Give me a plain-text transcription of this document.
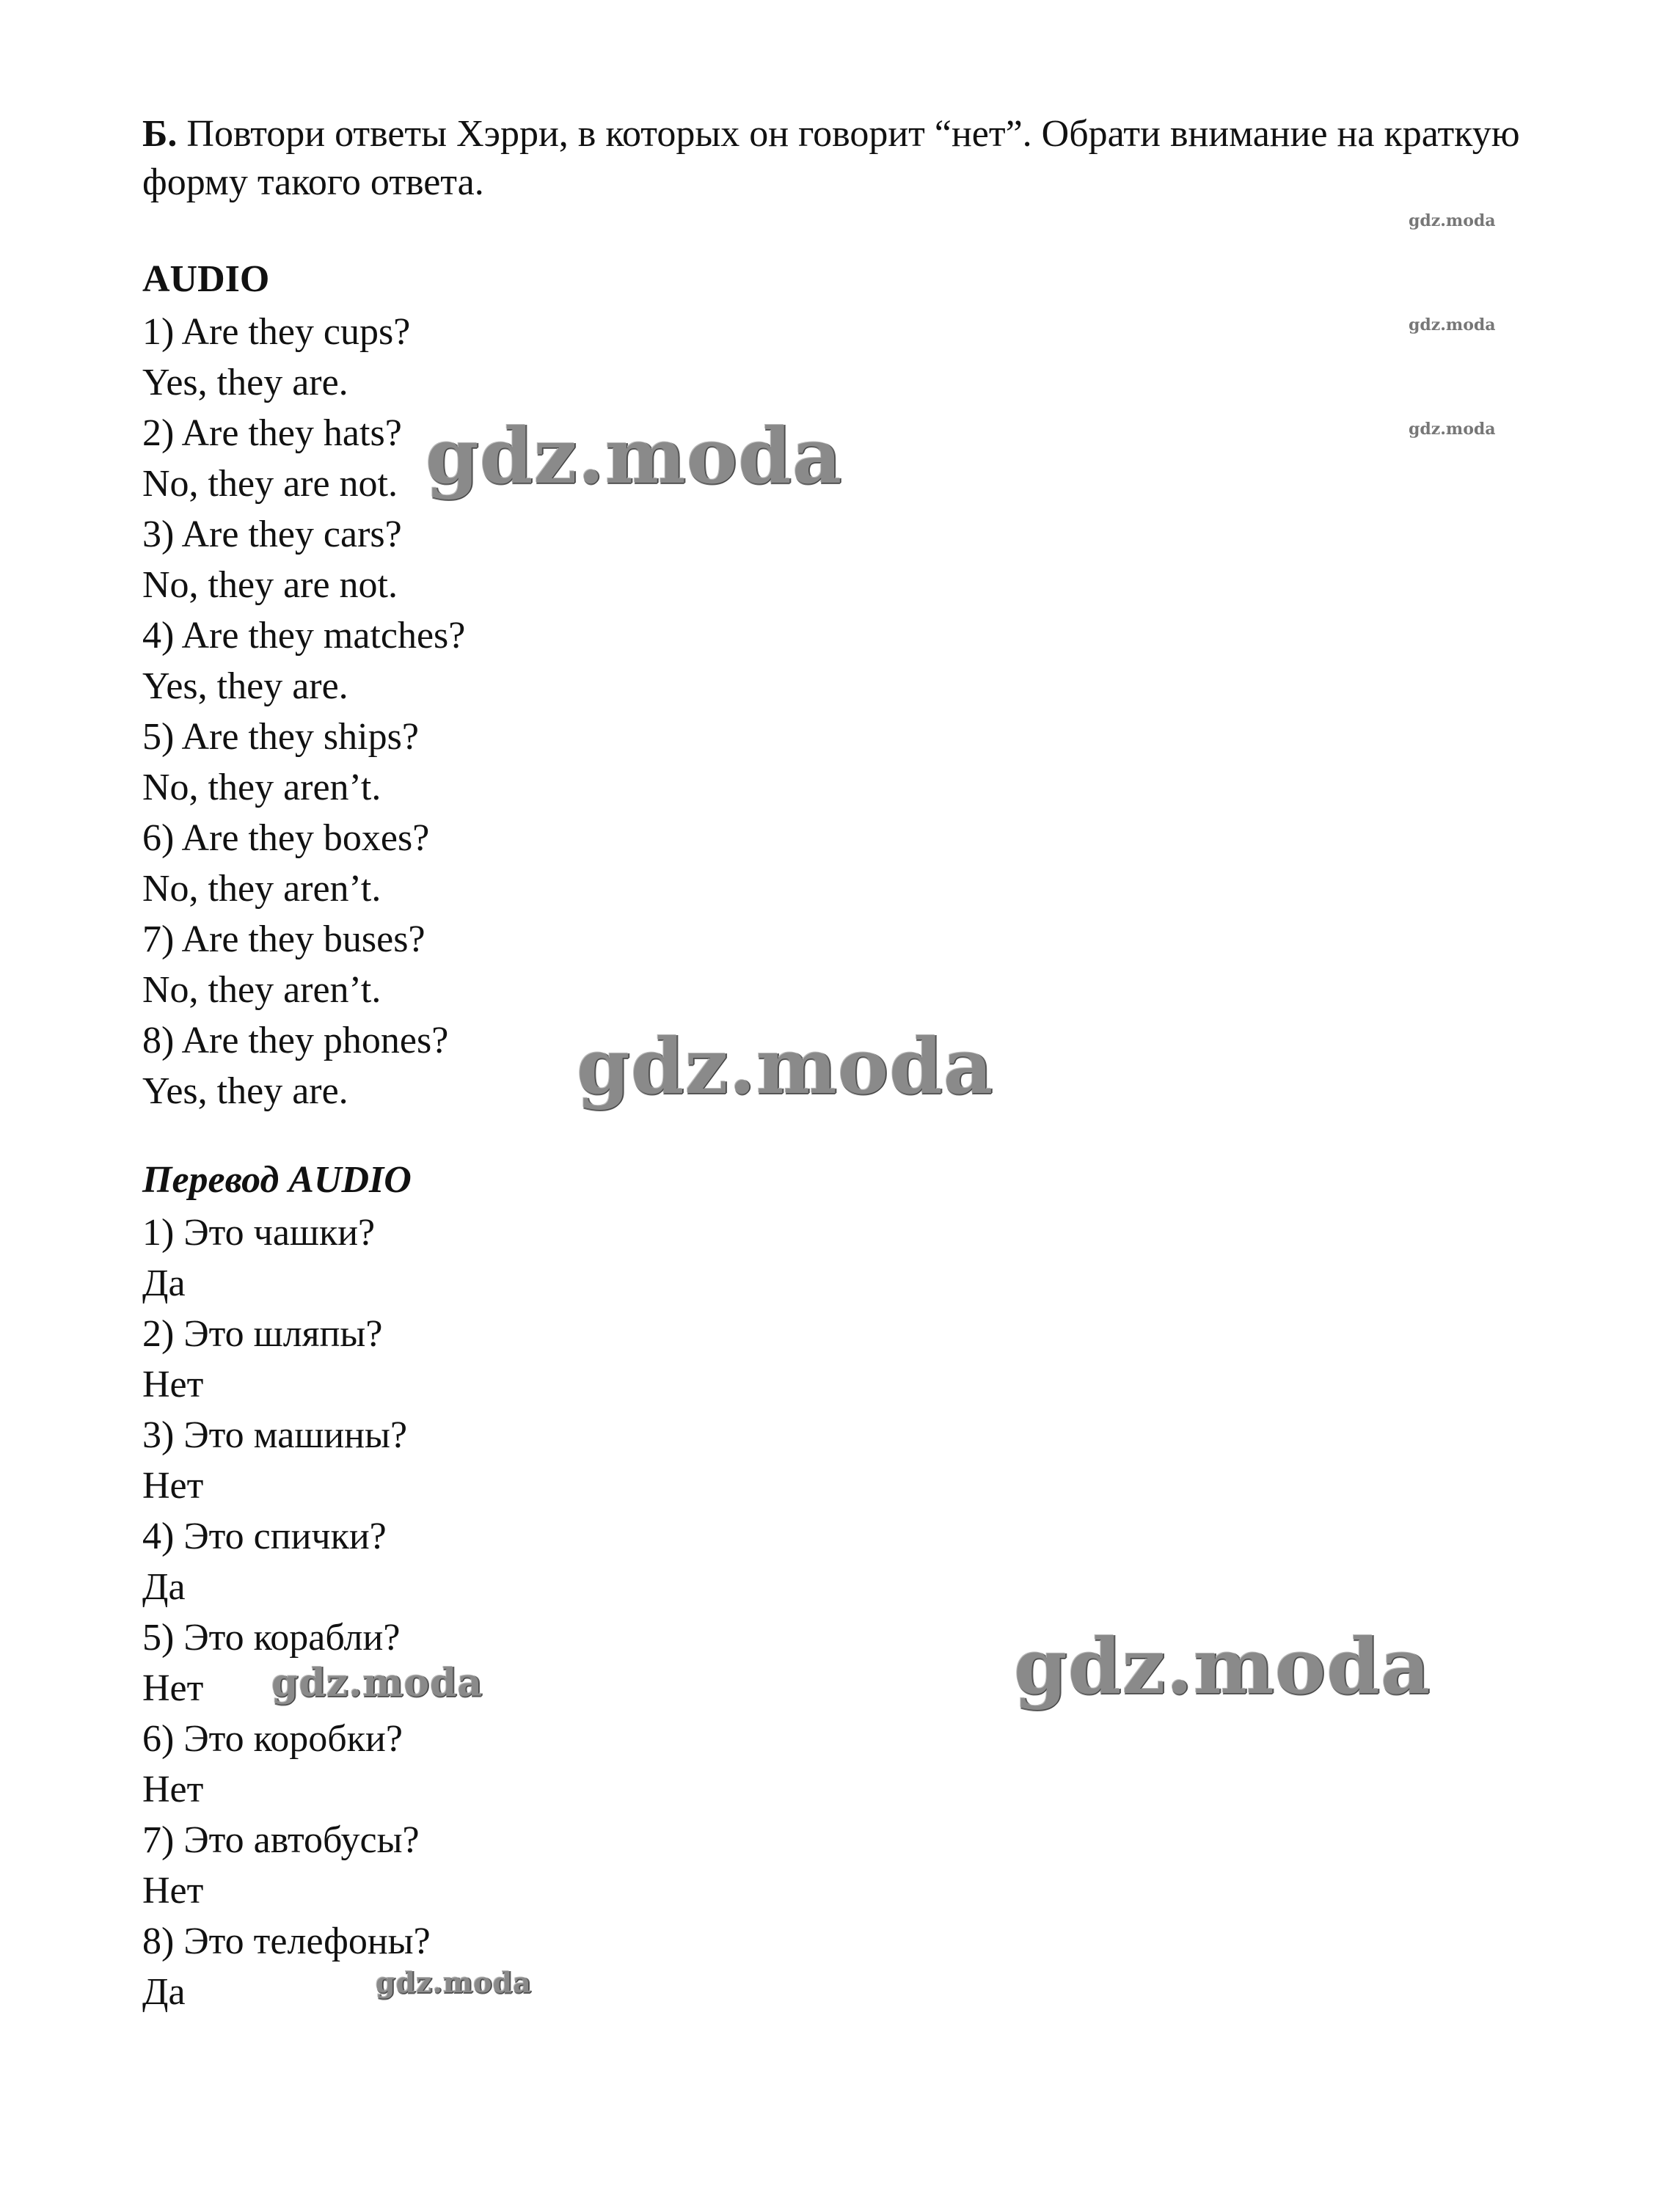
Б. Повтори ответы Хэрри, в которых он говорит “нет”. Обрати внимание на краткую форму такого ответа.
AUDIO
1) Are they cups?
Yes, they are.
2) Are they hats?
No, they are not.
3) Are they cars?
No, they are not.
4) Are they matches?
Yes, they are.
5) Are they ships?
No, they aren’t.
6) Are they boxes?
No, they aren’t.
7) Are they buses?
No, they aren’t.
8) Are they phones?
Yes, they are.
Перевод AUDIO
1) Это чашки?
Да
2) Это шляпы?
Нет
3) Это машины?
Нет
4) Это спички?
Да
5) Это корабли?
Нет
6) Это коробки?
Нет
7) Это автобусы?
Нет
8) Это телефоны?
Да
gdz.moda
gdz.moda
gdz.moda
gdz.moda
gdz.moda
gdz.moda
gdz.moda
gdz.moda
